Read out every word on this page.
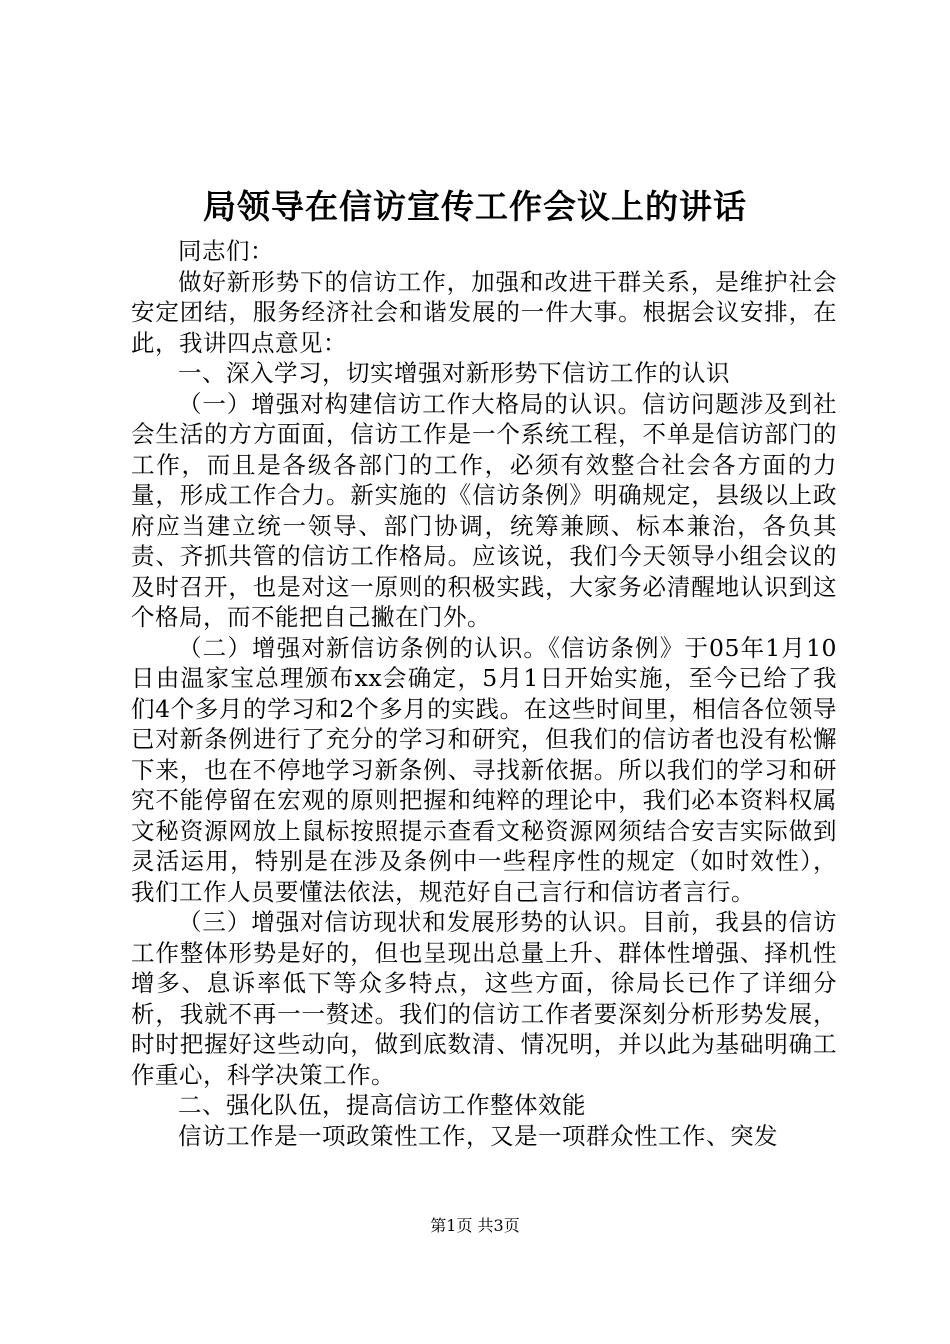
局领导在信访宣传工作会议上的讲话

同志们：

做好新形势下的信访工作，加强和改进干群关系，是维护社会安定团结，服务经济社会和谐发展的一件大事。根据会议安排，在此，我讲四点意见：

一、深入学习，切实增强对新形势下信访工作的认识

（一）增强对构建信访工作大格局的认识。信访问题涉及到社会生活的方方面面，信访工作是一个系统工程，不单是信访部门的工作，而且是各级各部门的工作，必须有效整合社会各方面的力量，形成工作合力。新实施的《信访条例》明确规定，县级以上政府应当建立统一领导、部门协调，统筹兼顾、标本兼治，各负其责、齐抓共管的信访工作格局。应该说，我们今天领导小组会议的及时召开，也是对这一原则的积极实践，大家务必清醒地认识到这个格局，而不能把自己撇在门外。

（二）增强对新信访条例的认识。《信访条例》于05年1月10日由温家宝总理颁布xx会确定，5月1日开始实施，至今已给了我们4个多月的学习和2个多月的实践。在这些时间里，相信各位领导已对新条例进行了充分的学习和研究，但我们的信访者也没有松懈下来，也在不停地学习新条例、寻找新依据。所以我们的学习和研究不能停留在宏观的原则把握和纯粹的理论中，我们必本资料权属文秘资源网放上鼠标按照提示查看文秘资源网须结合安吉实际做到灵活运用，特别是在涉及条例中一些程序性的规定（如时效性），我们工作人员要懂法依法，规范好自己言行和信访者言行。

（三）增强对信访现状和发展形势的认识。目前，我县的信访工作整体形势是好的，但也呈现出总量上升、群体性增强、择机性增多、息诉率低下等众多特点，这些方面，徐局长已作了详细分析，我就不再一一赘述。我们的信访工作者要深刻分析形势发展，时时把握好这些动向，做到底数清、情况明，并以此为基础明确工作重心，科学决策工作。

二、强化队伍，提高信访工作整体效能

信访工作是一项政策性工作，又是一项群众性工作、突发

第1页 共3页
